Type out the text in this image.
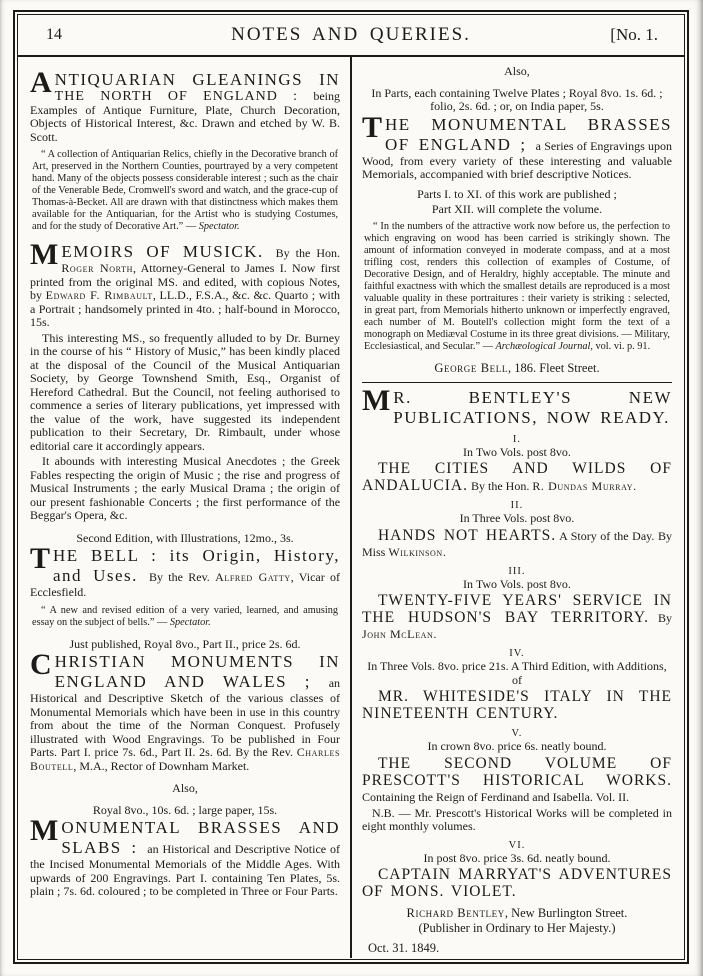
14	NOTES AND QUERIES.	[No. 1.

ANTIQUARIAN GLEANINGS IN THE NORTH OF ENGLAND : being Examples of Antique Furniture, Plate, Church Decoration, Objects of Historical Interest, &c. Drawn and etched by W. B. Scott.

“ A collection of Antiquarian Relics, chiefly in the Decorative branch of Art, preserved in the Northern Counties, pourtrayed by a very competent hand. Many of the objects possess considerable interest ; such as the chair of the Venerable Bede, Cromwell's sword and watch, and the grace-cup of Thomas-à-Becket. All are drawn with that distinctness which makes them available for the Antiquarian, for the Artist who is studying Costumes, and for the study of Decorative Art.” — Spectator.

MEMOIRS OF MUSICK. By the Hon. Roger North, Attorney-General to James I. Now first printed from the original MS. and edited, with copious Notes, by Edward F. Rimbault, LL.D., F.S.A., &c. &c. Quarto ; with a Portrait ; handsomely printed in 4to. ; half-bound in Morocco, 15s.

This interesting MS., so frequently alluded to by Dr. Burney in the course of his “ History of Music,” has been kindly placed at the disposal of the Council of the Musical Antiquarian Society, by George Townshend Smith, Esq., Organist of Hereford Cathedral. But the Council, not feeling authorised to commence a series of literary publications, yet impressed with the value of the work, have suggested its independent publication to their Secretary, Dr. Rimbault, under whose editorial care it accordingly appears.

It abounds with interesting Musical Anecdotes ; the Greek Fables respecting the origin of Music ; the rise and progress of Musical Instruments ; the early Musical Drama ; the origin of our present fashionable Concerts ; the first performance of the Beggar's Opera, &c.

Second Edition, with Illustrations, 12mo., 3s.

THE BELL : its Origin, History, and Uses. By the Rev. Alfred Gatty, Vicar of Ecclesfield.

“ A new and revised edition of a very varied, learned, and amusing essay on the subject of bells.” — Spectator.

Just published, Royal 8vo., Part II., price 2s. 6d.

CHRISTIAN MONUMENTS IN ENGLAND AND WALES ; an Historical and Descriptive Sketch of the various classes of Monumental Memorials which have been in use in this country from about the time of the Norman Conquest. Profusely illustrated with Wood Engravings. To be published in Four Parts. Part I. price 7s. 6d., Part II. 2s. 6d. By the Rev. Charles Boutell, M.A., Rector of Downham Market.

Also,

Royal 8vo., 10s. 6d. ; large paper, 15s.

MONUMENTAL BRASSES AND SLABS : an Historical and Descriptive Notice of the Incised Monumental Memorials of the Middle Ages. With upwards of 200 Engravings. Part I. containing Ten Plates, 5s. plain ; 7s. 6d. coloured ; to be completed in Three or Four Parts.

Also,

In Parts, each containing Twelve Plates ; Royal 8vo. 1s. 6d. ; folio, 2s. 6d. ; or, on India paper, 5s.

THE MONUMENTAL BRASSES OF ENGLAND ; a Series of Engravings upon Wood, from every variety of these interesting and valuable Memorials, accompanied with brief descriptive Notices.

Parts I. to XI. of this work are published ;

Part XII. will complete the volume.

“ In the numbers of the attractive work now before us, the perfection to which engraving on wood has been carried is strikingly shown. The amount of information conveyed in moderate compass, and at a most trifling cost, renders this collection of examples of Costume, of Decorative Design, and of Heraldry, highly acceptable. The minute and faithful exactness with which the smallest details are reproduced is a most valuable quality in these portraitures : their variety is striking : selected, in great part, from Memorials hitherto unknown or imperfectly engraved, each number of M. Boutell's collection might form the text of a monograph on Mediæval Costume in its three great divisions. — Military, Ecclesiastical, and Secular.” — Archæological Journal, vol. vi. p. 91.

George Bell, 186. Fleet Street.

M R. BENTLEY'S NEW PUBLICATIONS, NOW READY.

I.

In Two Vols. post 8vo.

THE CITIES AND WILDS OF ANDALUCIA. By the Hon. R. Dundas Murray.

II.

In Three Vols. post 8vo.

HANDS NOT HEARTS. A Story of the Day. By Miss Wilkinson.

III.

In Two Vols. post 8vo.

TWENTY-FIVE YEARS' SERVICE IN THE HUDSON'S BAY TERRITORY. By John McLean.

IV.

In Three Vols. 8vo. price 21s. A Third Edition, with Additions, of

MR. WHITESIDE'S ITALY IN THE NINETEENTH CENTURY.

V.

In crown 8vo. price 6s. neatly bound.

THE SECOND VOLUME OF PRESCOTT'S HISTORICAL WORKS. Containing the Reign of Ferdinand and Isabella. Vol. II.

N.B. — Mr. Prescott's Historical Works will be completed in eight monthly volumes.

VI.

In post 8vo. price 3s. 6d. neatly bound.

CAPTAIN MARRYAT'S ADVENTURES OF MONS. VIOLET.

Richard Bentley, New Burlington Street.
(Publisher in Ordinary to Her Majesty.)

Oct. 31. 1849.
